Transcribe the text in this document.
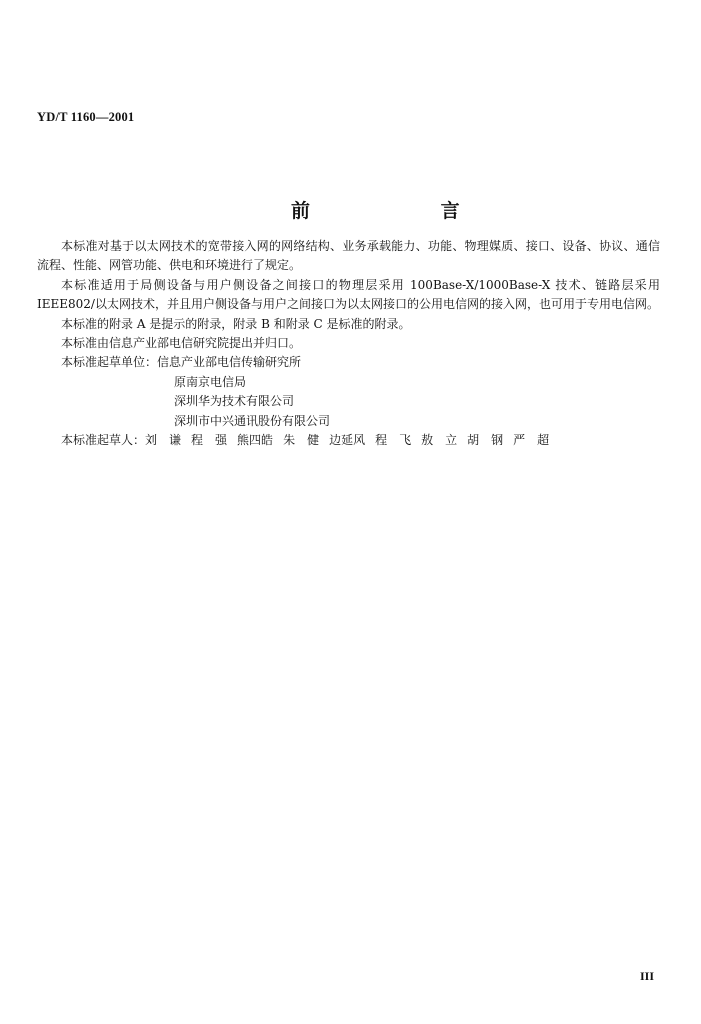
YD/T 1160—2001
前 言

本标准对基于以太网技术的宽带接入网的网络结构、业务承载能力、功能、物理媒质、接口、设备、协议、通信流程、性能、网管功能、供电和环境进行了规定。

本标准适用于局侧设备与用户侧设备之间接口的物理层采用 100Base-X/1000Base-X 技术、链路层采用 IEEE802/以太网技术，并且用户侧设备与用户之间接口为以太网接口的公用电信网的接入网，也可用于专用电信网。

本标准的附录 A 是提示的附录，附录 B 和附录 C 是标准的附录。

本标准由信息产业部电信研究院提出并归口。

本标准起草单位：信息产业部电信传输研究所
原南京电信局
深圳华为技术有限公司
深圳市中兴通讯股份有限公司
本标准起草人：刘　谦 程　强 熊四皓 朱　健 边延风 程　飞 敖　立 胡　钢 严　超
III
